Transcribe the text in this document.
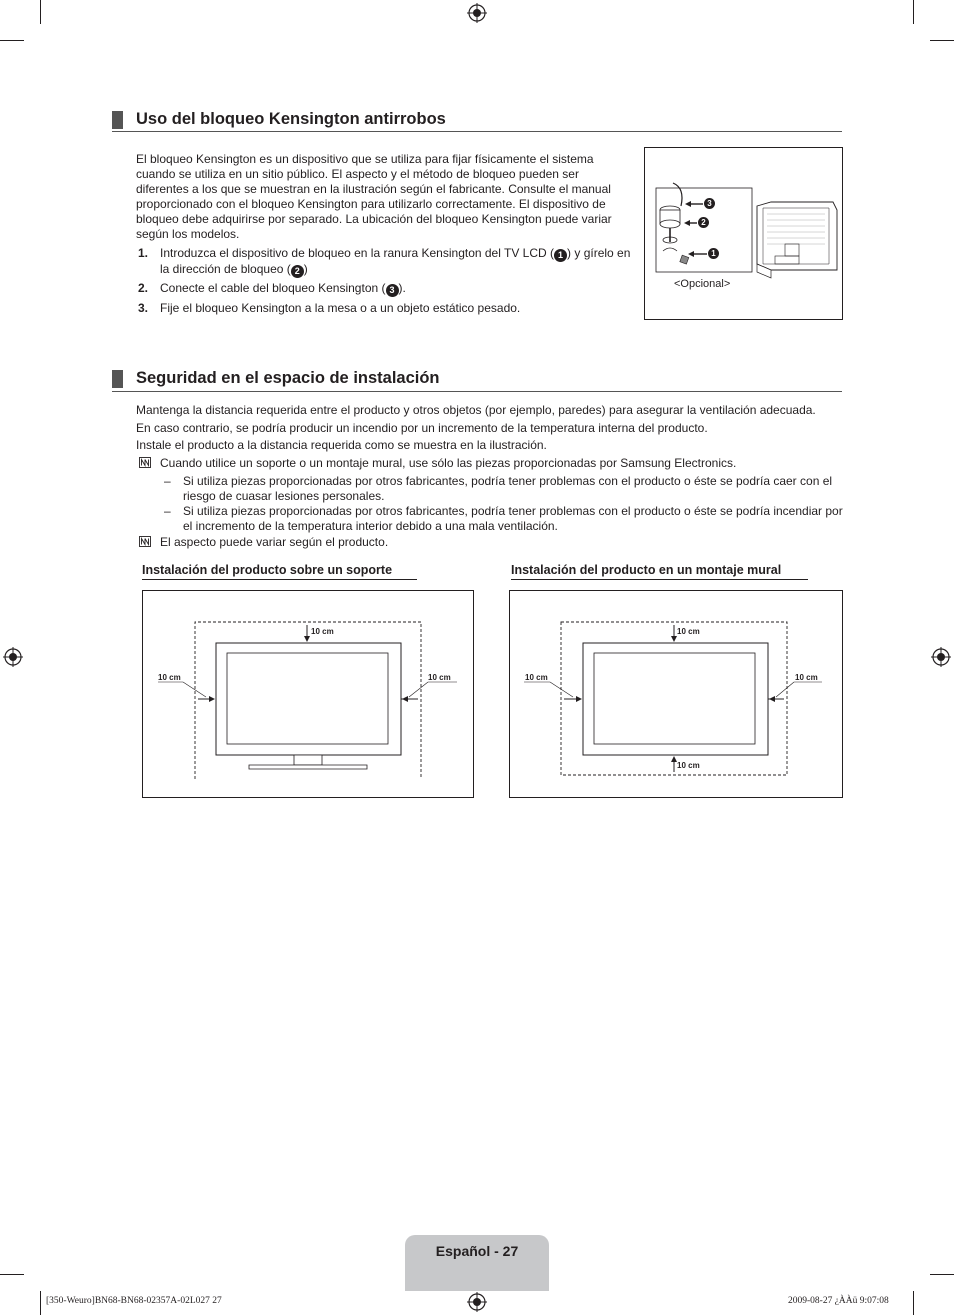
Uso del bloqueo Kensington antirrobos
El bloqueo Kensington es un dispositivo que se utiliza para fijar físicamente el sistema cuando se utiliza en un sitio público. El aspecto y el método de bloqueo pueden ser diferentes a los que se muestran en la ilustración según el fabricante. Consulte el manual proporcionado con el bloqueo Kensington para utilizarlo correctamente. El dispositivo de bloqueo debe adquirirse por separado. La ubicación del bloqueo Kensington puede variar según los modelos.
1. Introduzca el dispositivo de bloqueo en la ranura Kensington del TV LCD ( 1 ) y gírelo en la dirección de bloqueo ( 2 )
2. Conecte el cable del bloqueo Kensington ( 3 ).
3. Fije el bloqueo Kensington a la mesa o a un objeto estático pesado.
3
2
1
<Opcional>
Seguridad en el espacio de instalación
Mantenga la distancia requerida entre el producto y otros objetos (por ejemplo, paredes) para asegurar la ventilación adecuada.
En caso contrario, se podría producir un incendio por un incremento de la temperatura interna del producto.
Instale el producto a la distancia requerida como se muestra en la ilustración.
Cuando utilice un soporte o un montaje mural, use sólo las piezas proporcionadas por Samsung Electronics.
– Si utiliza piezas proporcionadas por otros fabricantes, podría tener problemas con el producto o éste se podría caer con el riesgo de cuasar lesiones personales.
– Si utiliza piezas proporcionadas por otros fabricantes, podría tener problemas con el producto o éste se podría incendiar por el incremento de la temperatura interior debido a una mala ventilación.
El aspecto puede variar según el producto.
Instalación del producto sobre un soporte	Instalación del producto en un montaje mural
10 cm
10 cm	10 cm
10 cm
10 cm
10 cm	10 cm
Español - 27
[350-Weuro]BN68-BN68-02357A-02L027 27	2009-08-27 ¿ÀÀü 9:07:08
